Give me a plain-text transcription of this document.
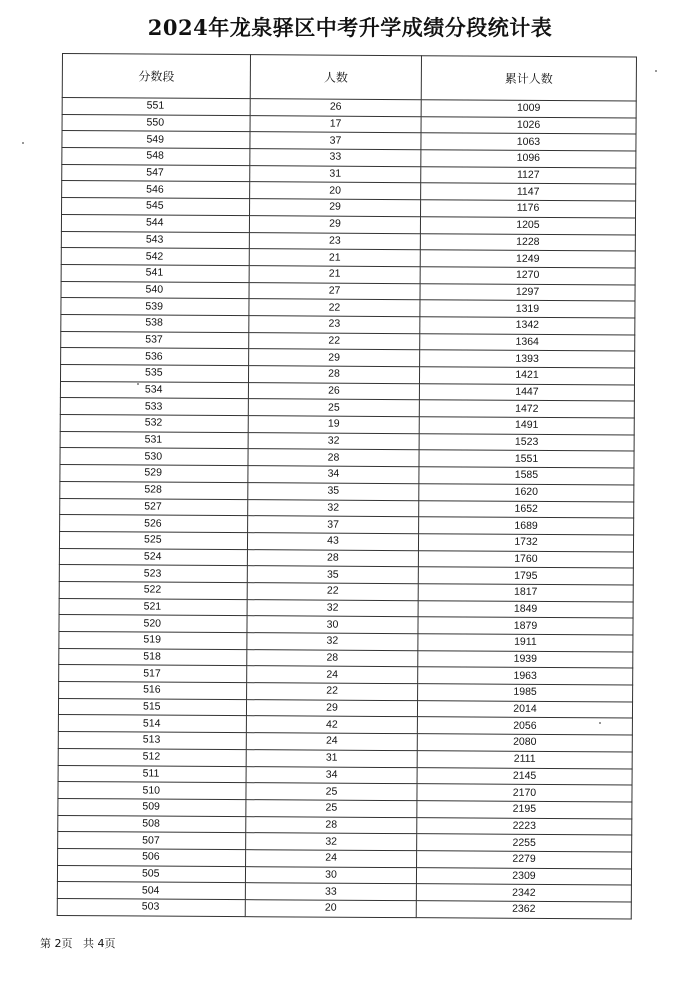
2024年龙泉驿区中考升学成绩分段统计表
分数段	人数	累计人数
551	26	1009
550	17	1026
549	37	1063
548	33	1096
547	31	1127
546	20	1147
545	29	1176
544	29	1205
543	23	1228
542	21	1249
541	21	1270
540	27	1297
539	22	1319
538	23	1342
537	22	1364
536	29	1393
535	28	1421
534	26	1447
533	25	1472
532	19	1491
531	32	1523
530	28	1551
529	34	1585
528	35	1620
527	32	1652
526	37	1689
525	43	1732
524	28	1760
523	35	1795
522	22	1817
521	32	1849
520	30	1879
519	32	1911
518	28	1939
517	24	1963
516	22	1985
515	29	2014
514	42	2056
513	24	2080
512	31	2111
511	34	2145
510	25	2170
509	25	2195
508	28	2223
507	32	2255
506	24	2279
505	30	2309
504	33	2342
503	20	2362
第 2页   共 4页
